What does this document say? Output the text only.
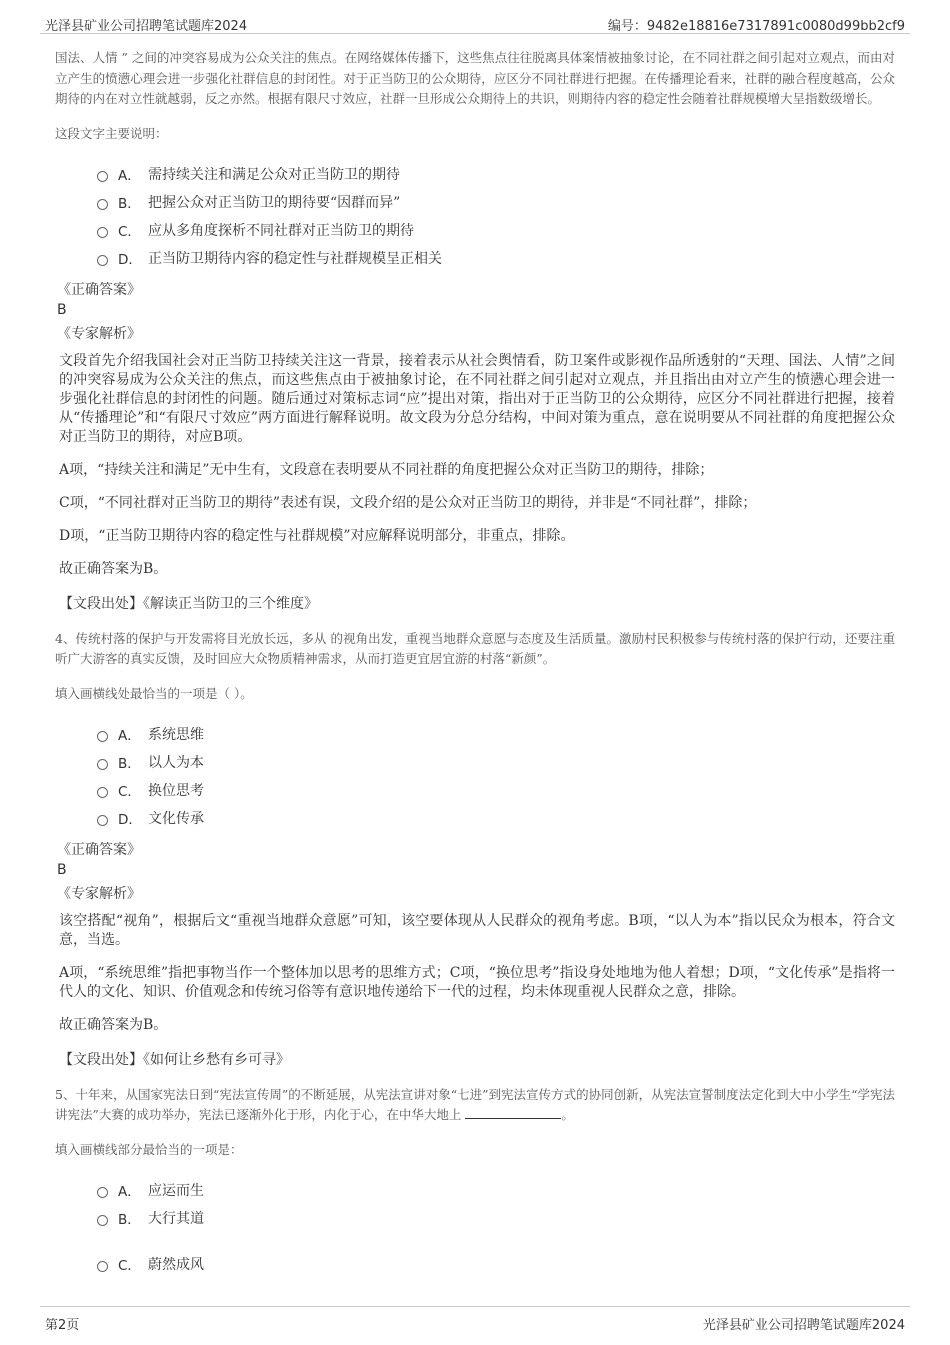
光泽县矿业公司招聘笔试题库2024	编号：9482e18816e7317891c0080d99bb2cf9

国法、人情 ” 之间的冲突容易成为公众关注的焦点。在网络媒体传播下，这些焦点往往脱离具体案情被抽象讨论，在不同社群之间引起对立观点，而由对立产生的愤懑心理会进一步强化社群信息的封闭性。对于正当防卫的公众期待，应区分不同社群进行把握。在传播理论看来，社群的融合程度越高，公众期待的内在对立性就越弱，反之亦然。根据有限尺寸效应，社群一旦形成公众期待上的共识，则期待内容的稳定性会随着社群规模增大呈指数级增长。

这段文字主要说明：

A． 需持续关注和满足公众对正当防卫的期待
B． 把握公众对正当防卫的期待要“因群而异”
C． 应从多角度探析不同社群对正当防卫的期待
D． 正当防卫期待内容的稳定性与社群规模呈正相关
《正确答案》
B
《专家解析》

文段首先介绍我国社会对正当防卫持续关注这一背景，接着表示从社会舆情看，防卫案件或影视作品所透射的“天理、国法、人情”之间的冲突容易成为公众关注的焦点，而这些焦点由于被抽象讨论，在不同社群之间引起对立观点，并且指出由对立产生的愤懑心理会进一步强化社群信息的封闭性的问题。随后通过对策标志词“应”提出对策，指出对于正当防卫的公众期待，应区分不同社群进行把握，接着从“传播理论”和“有限尺寸效应”两方面进行解释说明。故文段为分总分结构，中间对策为重点，意在说明要从不同社群的角度把握公众对正当防卫的期待，对应B项。

A项，“持续关注和满足”无中生有，文段意在表明要从不同社群的角度把握公众对正当防卫的期待，排除；

C项，“不同社群对正当防卫的期待”表述有误，文段介绍的是公众对正当防卫的期待，并非是“不同社群”，排除；

D项，“正当防卫期待内容的稳定性与社群规模”对应解释说明部分，非重点，排除。

故正确答案为B。

【文段出处】《解读正当防卫的三个维度》

4、传统村落的保护与开发需将目光放长远，多从 的视角出发，重视当地群众意愿与态度及生活质量。激励村民积极参与传统村落的保护行动，还要注重听广大游客的真实反馈，及时回应大众物质精神需求，从而打造更宜居宜游的村落“新颜”。

填入画横线处最恰当的一项是（ ）。

A． 系统思维
B． 以人为本
C． 换位思考
D． 文化传承
《正确答案》
B
《专家解析》

该空搭配“视角”，根据后文“重视当地群众意愿”可知，该空要体现从人民群众的视角考虑。B项，“以人为本”指以民众为根本，符合文意，当选。

A项，“系统思维”指把事物当作一个整体加以思考的思维方式；C项，“换位思考”指设身处地地为他人着想；D项，“文化传承”是指将一代人的文化、知识、价值观念和传统习俗等有意识地传递给下一代的过程，均未体现重视人民群众之意，排除。

故正确答案为B。

【文段出处】《如何让乡愁有乡可寻》

5、十年来，从国家宪法日到“宪法宣传周”的不断延展，从宪法宣讲对象“七进”到宪法宣传方式的协同创新，从宪法宣誓制度法定化到大中小学生“学宪法讲宪法”大赛的成功举办，宪法已逐渐外化于形，内化于心，在中华大地上	。

填入画横线部分最恰当的一项是：

A． 应运而生
B． 大行其道
C． 蔚然成风
第2页	光泽县矿业公司招聘笔试题库2024
